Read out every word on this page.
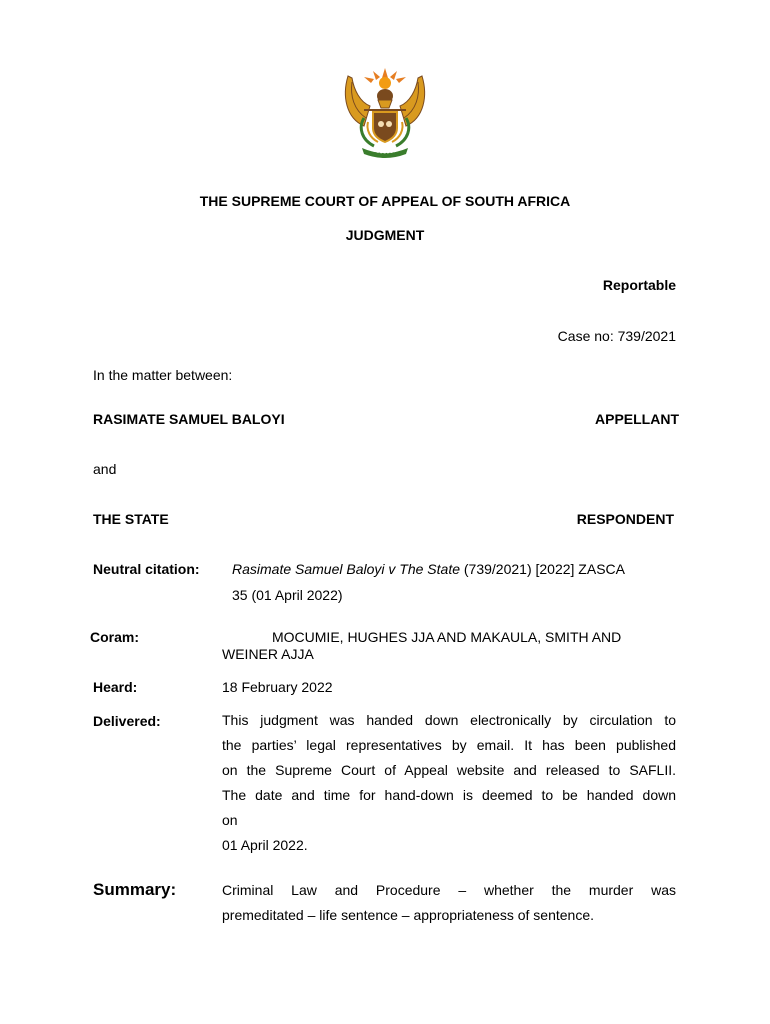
THE SUPREME COURT OF APPEAL OF SOUTH AFRICA
JUDGMENT
Reportable
Case no: 739/2021
In the matter between:
RASIMATE SAMUEL BALOYI	APPELLANT
and
THE STATE	RESPONDENT
Neutral citation: Rasimate Samuel Baloyi v The State (739/2021) [2022] ZASCA
35 (01 April 2022)
Coram:	MOCUMIE, HUGHES JJA AND MAKAULA, SMITH AND
WEINER AJJA
Heard:	18 February 2022
Delivered:	This judgment was handed down electronically by circulation to
the parties’ legal representatives by email. It has been published
on the Supreme Court of Appeal website and released to SAFLII.
The date and time for hand-down is deemed to be handed down
on
01 April 2022.
Summary:	Criminal Law and Procedure – whether the murder was
premeditated – life sentence – appropriateness of sentence.
